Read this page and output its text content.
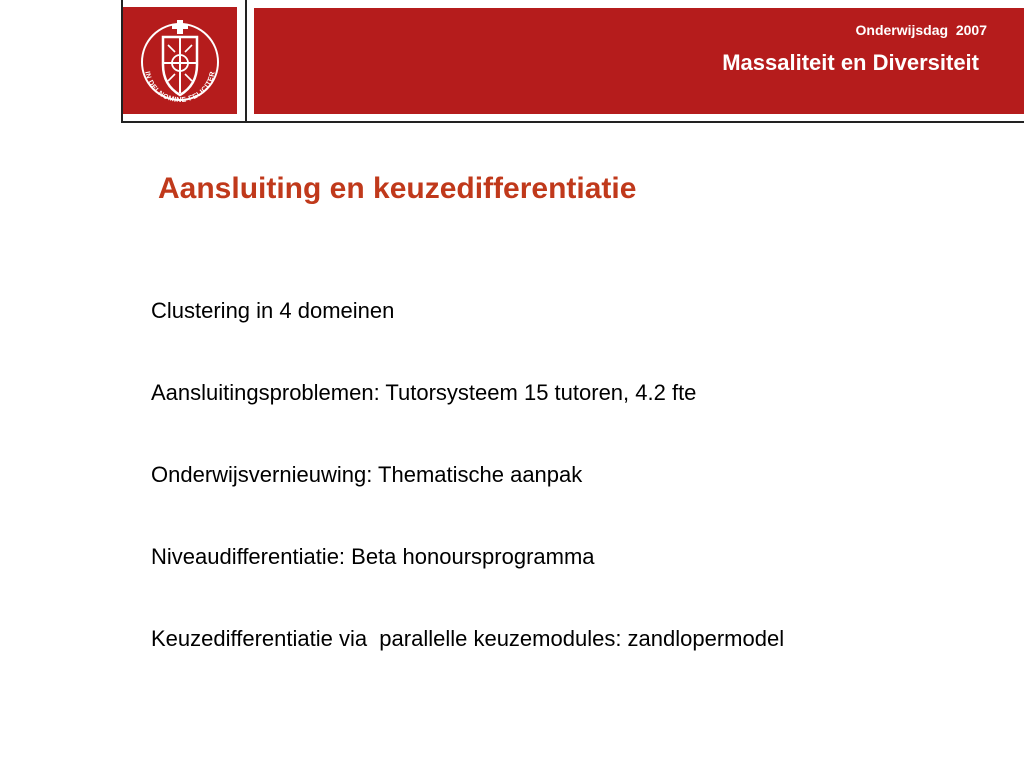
IN DEI NOMINE FELICITER
Onderwijsdag  2007
Massaliteit en Diversiteit
Aansluiting en keuzedifferentiatie
Clustering in 4 domeinen
Aansluitingsproblemen: Tutorsysteem 15 tutoren, 4.2 fte
Onderwijsvernieuwing: Thematische aanpak
Niveaudifferentiatie: Beta honoursprogramma
Keuzedifferentiatie via  parallelle keuzemodules: zandlopermodel
